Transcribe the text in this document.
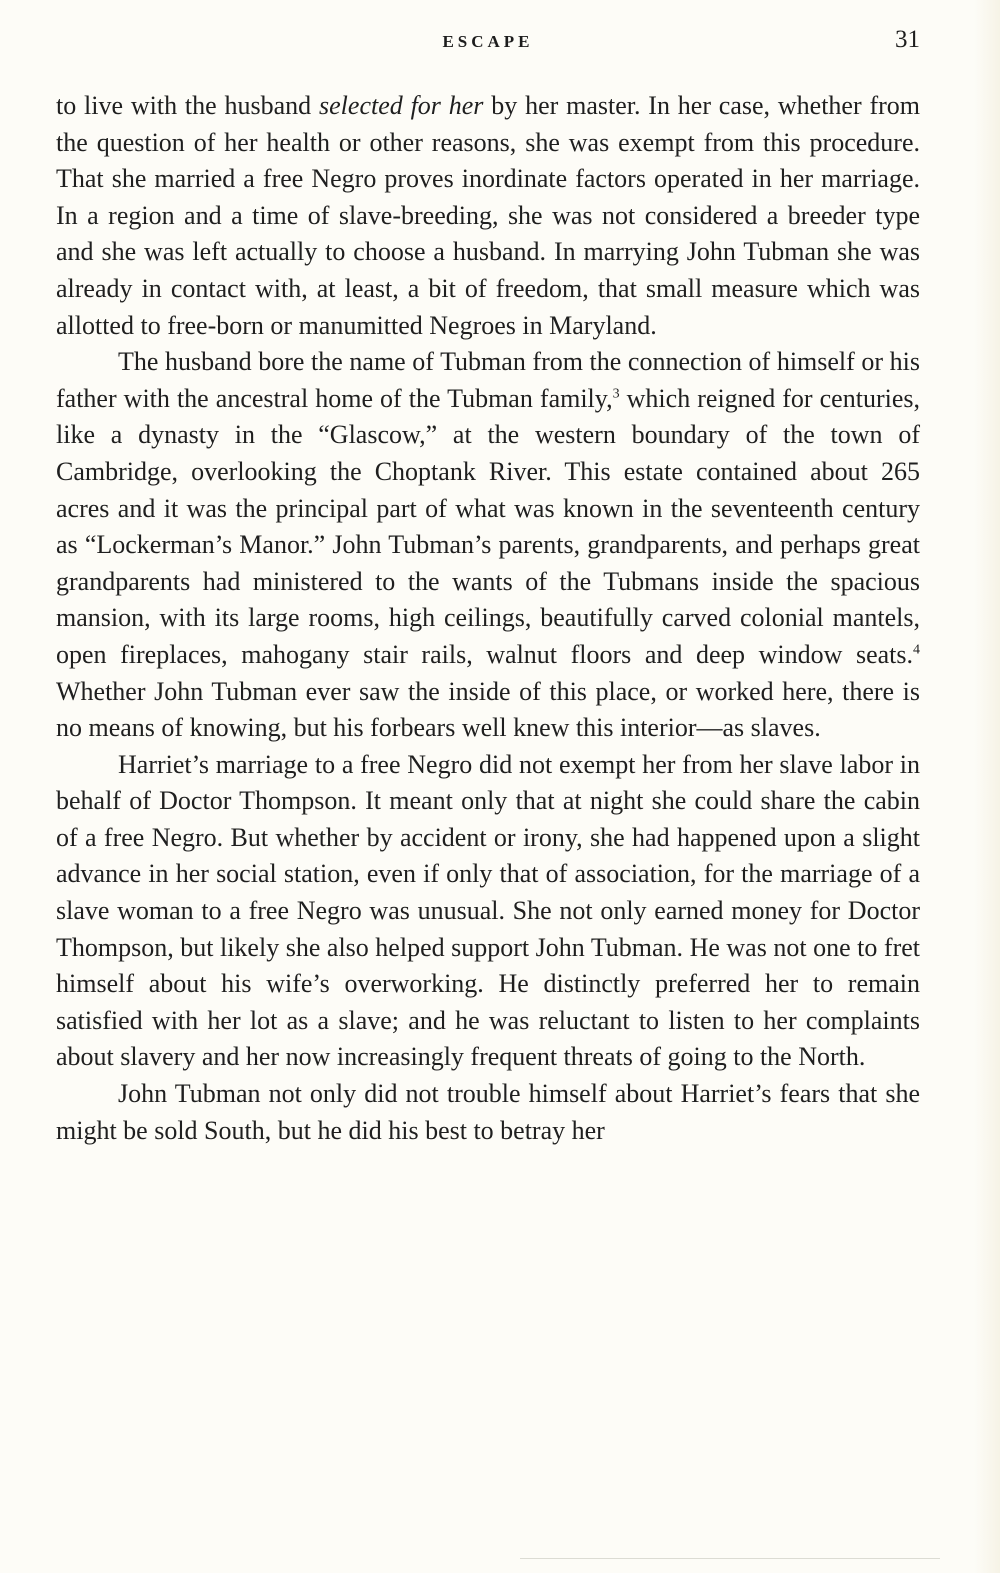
ESCAPE	31

to live with the husband selected for her by her master. In her case, whether from the question of her health or other reasons, she was exempt from this procedure. That she married a free Negro proves inordinate factors operated in her marriage. In a region and a time of slave-breeding, she was not considered a breeder type and she was left actually to choose a husband. In marrying John Tubman she was already in contact with, at least, a bit of freedom, that small measure which was allotted to free-born or manumitted Negroes in Maryland.

The husband bore the name of Tubman from the connection of himself or his father with the ancestral home of the Tubman family,$^3$ which reigned for centuries, like a dynasty in the “Glascow,” at the western boundary of the town of Cambridge, overlooking the Choptank River. This estate contained about 265 acres and it was the principal part of what was known in the seventeenth century as “Lockerman’s Manor.” John Tubman’s parents, grandparents, and perhaps great grandparents had ministered to the wants of the Tubmans inside the spacious mansion, with its large rooms, high ceilings, beautifully carved colonial mantels, open fireplaces, mahogany stair rails, walnut floors and deep window seats.$^4$ Whether John Tubman ever saw the inside of this place, or worked here, there is no means of knowing, but his forbears well knew this interior—as slaves.

Harriet’s marriage to a free Negro did not exempt her from her slave labor in behalf of Doctor Thompson. It meant only that at night she could share the cabin of a free Negro. But whether by accident or irony, she had happened upon a slight advance in her social station, even if only that of association, for the marriage of a slave woman to a free Negro was unusual. She not only earned money for Doctor Thompson, but likely she also helped support John Tubman. He was not one to fret himself about his wife’s overworking. He distinctly preferred her to remain satisfied with her lot as a slave; and he was reluctant to listen to her complaints about slavery and her now increasingly frequent threats of going to the North.

John Tubman not only did not trouble himself about Harriet’s fears that she might be sold South, but he did his best to betray her
